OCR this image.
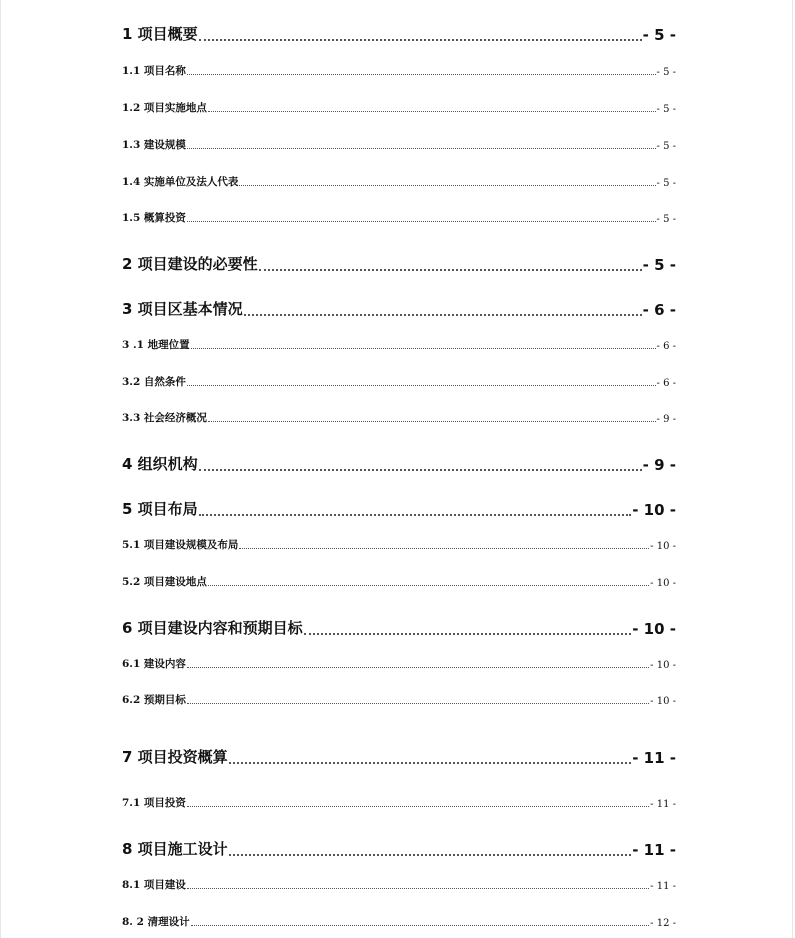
1 项目概要	- 5 -
1.1 项目名称	- 5 -
1.2 项目实施地点	- 5 -
1.3 建设规模	- 5 -
1.4 实施单位及法人代表	- 5 -
1.5 概算投资	- 5 -
2 项目建设的必要性	- 5 -
3 项目区基本情况	- 6 -
3 .1 地理位置	- 6 -
3.2 自然条件	- 6 -
3.3 社会经济概况	- 9 -
4 组织机构	- 9 -
5 项目布局	- 10 -
5.1 项目建设规模及布局	- 10 -
5.2 项目建设地点	- 10 -
6 项目建设内容和预期目标	- 10 -
6.1 建设内容	- 10 -
6.2 预期目标	- 10 -
7 项目投资概算	- 11 -
7.1 项目投资	- 11 -
8 项目施工设计	- 11 -
8.1 项目建设	- 11 -
8. 2 清理设计	- 12 -
